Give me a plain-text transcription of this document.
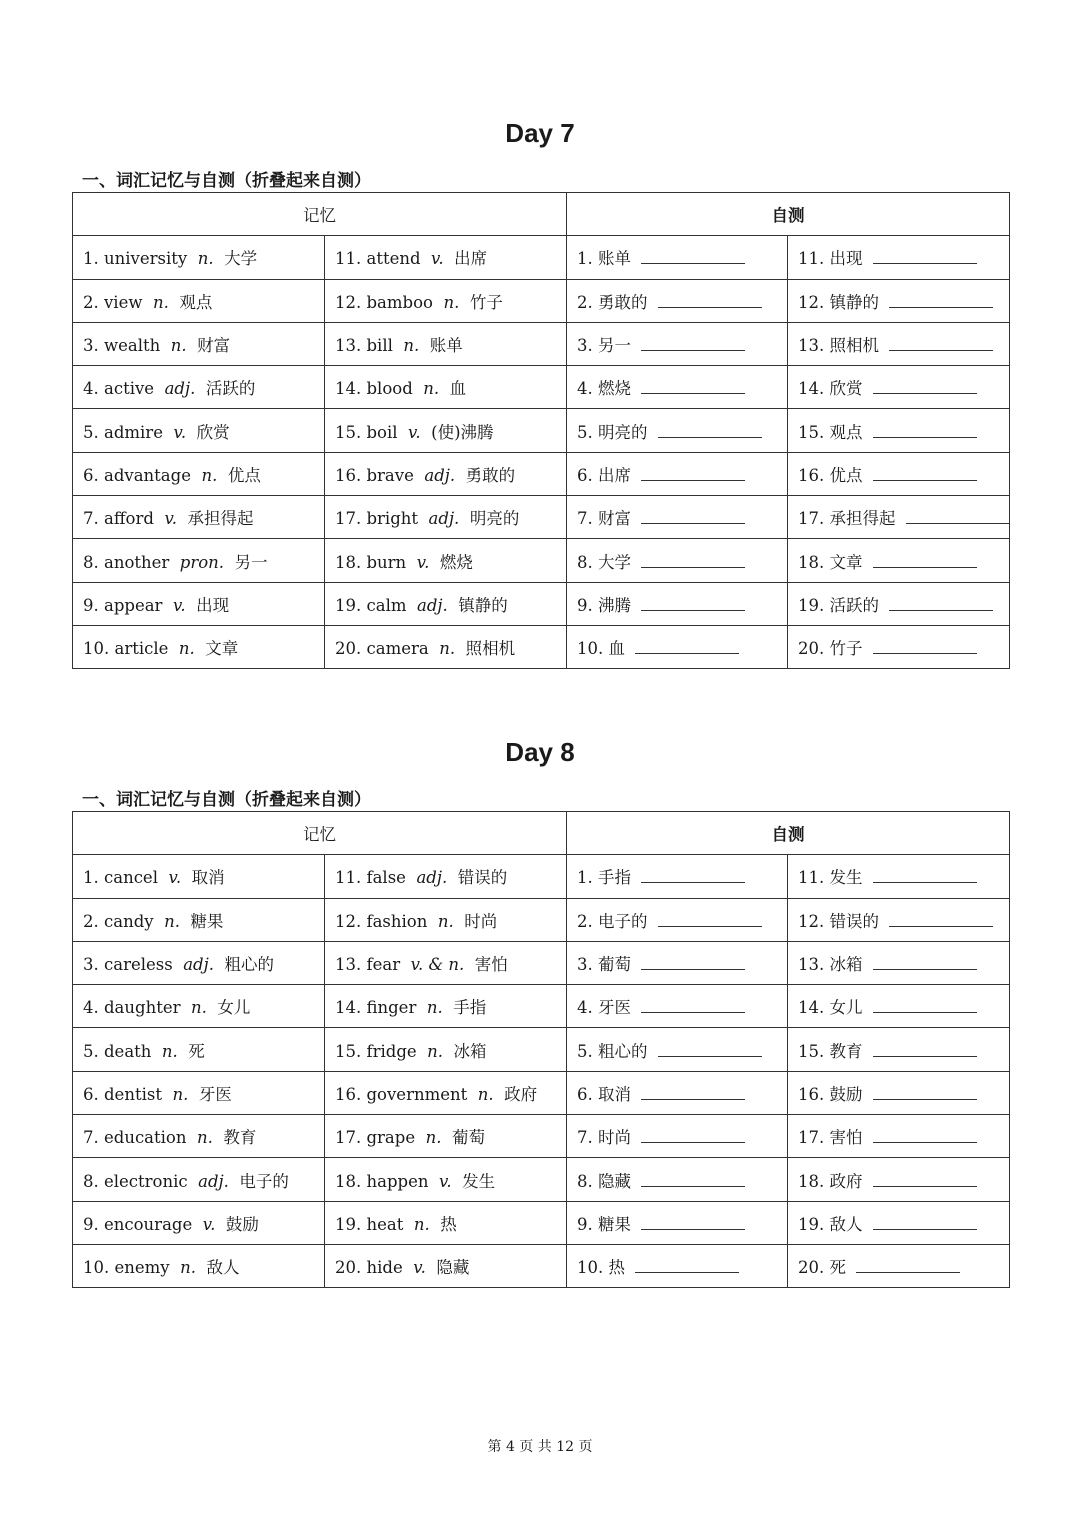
Day 7
一、词汇记忆与自测（折叠起来自测）
记忆		自测	
1. university n. 大学	11. attend v. 出席	1. 账单	11. 出现
2. view n. 观点	12. bamboo n. 竹子	2. 勇敢的	12. 镇静的
3. wealth n. 财富	13. bill n. 账单	3. 另一	13. 照相机
4. active adj. 活跃的	14. blood n. 血	4. 燃烧	14. 欣赏
5. admire v. 欣赏	15. boil v. (使)沸腾	5. 明亮的	15. 观点
6. advantage n. 优点	16. brave adj. 勇敢的	6. 出席	16. 优点
7. afford v. 承担得起	17. bright adj. 明亮的	7. 财富	17. 承担得起
8. another pron. 另一	18. burn v. 燃烧	8. 大学	18. 文章
9. appear v. 出现	19. calm adj. 镇静的	9. 沸腾	19. 活跃的
10. article n. 文章	20. camera n. 照相机	10. 血	20. 竹子
Day 8
一、词汇记忆与自测（折叠起来自测）
记忆		自测	
1. cancel v. 取消	11. false adj. 错误的	1. 手指	11. 发生
2. candy n. 糖果	12. fashion n. 时尚	2. 电子的	12. 错误的
3. careless adj. 粗心的	13. fear v. & n. 害怕	3. 葡萄	13. 冰箱
4. daughter n. 女儿	14. finger n. 手指	4. 牙医	14. 女儿
5. death n. 死	15. fridge n. 冰箱	5. 粗心的	15. 教育
6. dentist n. 牙医	16. government n. 政府	6. 取消	16. 鼓励
7. education n. 教育	17. grape n. 葡萄	7. 时尚	17. 害怕
8. electronic adj. 电子的	18. happen v. 发生	8. 隐藏	18. 政府
9. encourage v. 鼓励	19. heat n. 热	9. 糖果	19. 敌人
10. enemy n. 敌人	20. hide v. 隐藏	10. 热	20. 死
第 4 页 共 12 页
